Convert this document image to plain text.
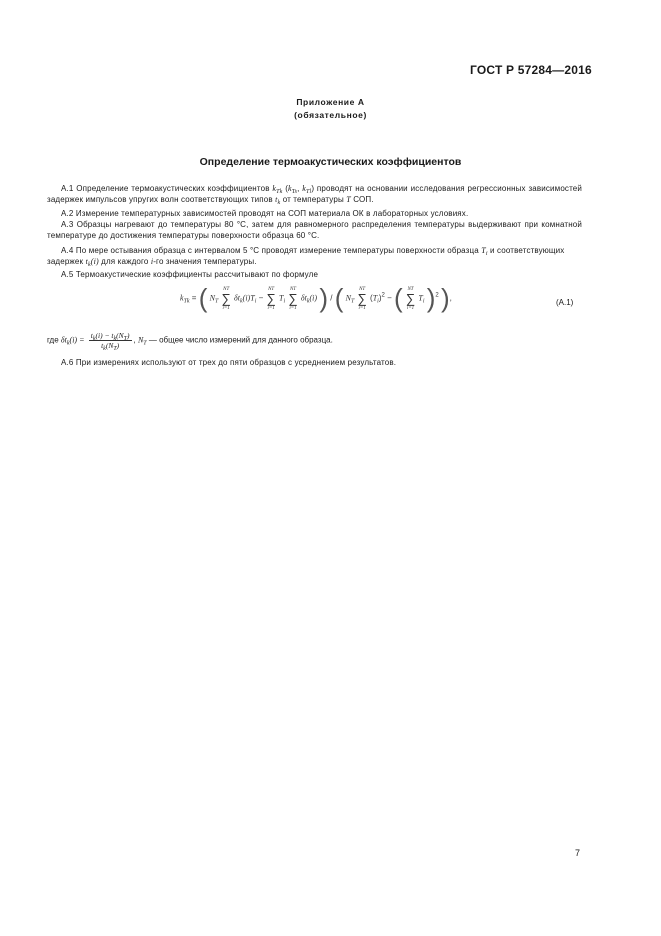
ГОСТ Р 57284—2016
Приложение А
(обязательное)
Определение термоакустических коэффициентов
А.1 Определение термоакустических коэффициентов $k_{Tk}$ ($k_{Ts}$, $k_{Tl}$) проводят на основании исследования регрессионных зависимостей задержек импульсов упругих волн соответствующих типов $t_k$ от температуры T СОП.
А.2 Измерение температурных зависимостей проводят на СОП материала ОК в лабораторных условиях.
А.3 Образцы нагревают до температуры 80 °С, затем для равномерного распределения температуры выдерживают при комнатной температуре до достижения температуры поверхности образца 60 °С.
А.4 По мере остывания образца с интервалом 5 °С проводят измерение температуры поверхности образца $T_i$ и соответствующих задержек $t_k(i)$ для каждого i-го значения температуры.
А.5 Термоакустические коэффициенты рассчитывают по формуле
$k_{Tk}$ = ( $N_T$ NT
∑
i=1 $\delta t_k(i)T_i$ − NT
∑
i=1 $T_i$ NT
∑
i=1 $\delta t_k(i)$ ) / ( $N_T$ NT
∑
i=1 $(T_i)^2$ − ( NT
∑
i=1 $T_i$ )$^2$ ),	(А.1)
где $\delta t_k(i) = \frac{t_k(i) - t_k(N_T)}{t_k(N_T)}$ , $N_T$ — общее число измерений для данного образца.
А.6 При измерениях используют от трех до пяти образцов с усреднением результатов.
7
